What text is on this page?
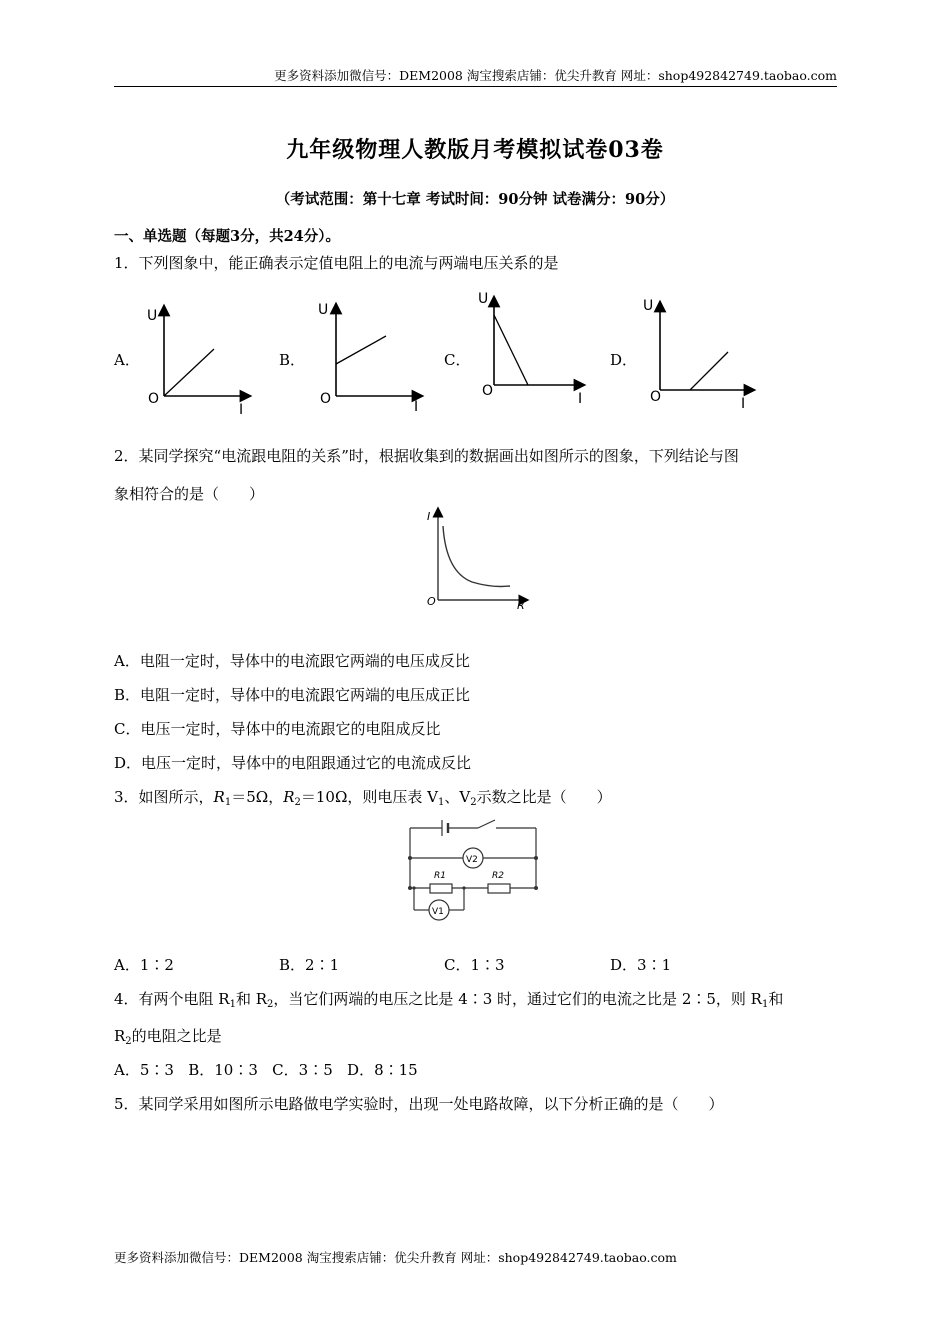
更多资料添加微信号：DEM2008 淘宝搜索店铺：优尖升教育 网址：shop492842749.taobao.com
九年级物理人教版月考模拟试卷03卷
（考试范围：第十七章 考试时间：90分钟 试卷满分：90分）
一、单选题（每题3分，共24分）。
1．下列图象中，能正确表示定值电阻上的电流与两端电压关系的是
A．	B．	C．	D．
U
O
I
U
O	I
U
O	I
U
O	I
2．某同学探究“电流跟电阻的关系”时，根据收集到的数据画出如图所示的图象，下列结论与图
象相符合的是（　　）
I
O	R
A．电阻一定时，导体中的电流跟它两端的电压成反比
B．电阻一定时，导体中的电流跟它两端的电压成正比
C．电压一定时，导体中的电流跟它的电阻成反比
D．电压一定时，导体中的电阻跟通过它的电流成反比
3．如图所示，$R_1=5\Omega$，$R_2=10\Omega$，则电压表 $V_1$、$V_2$示数之比是（　　）
V2
V1
R1	R2
A．1∶2	B．2∶1	C．1∶3	D．3∶1
4．有两个电阻 $R_1$和 $R_2$，当它们两端的电压之比是 4∶3 时，通过它们的电流之比是 2∶5，则 $R_1$和
$R_2$的电阻之比是
A．5∶3   B．10∶3   C．3∶5   D．8∶15
5．某同学采用如图所示电路做电学实验时，出现一处电路故障，以下分析正确的是（　　）
更多资料添加微信号：DEM2008 淘宝搜索店铺：优尖升教育 网址：shop492842749.taobao.com
